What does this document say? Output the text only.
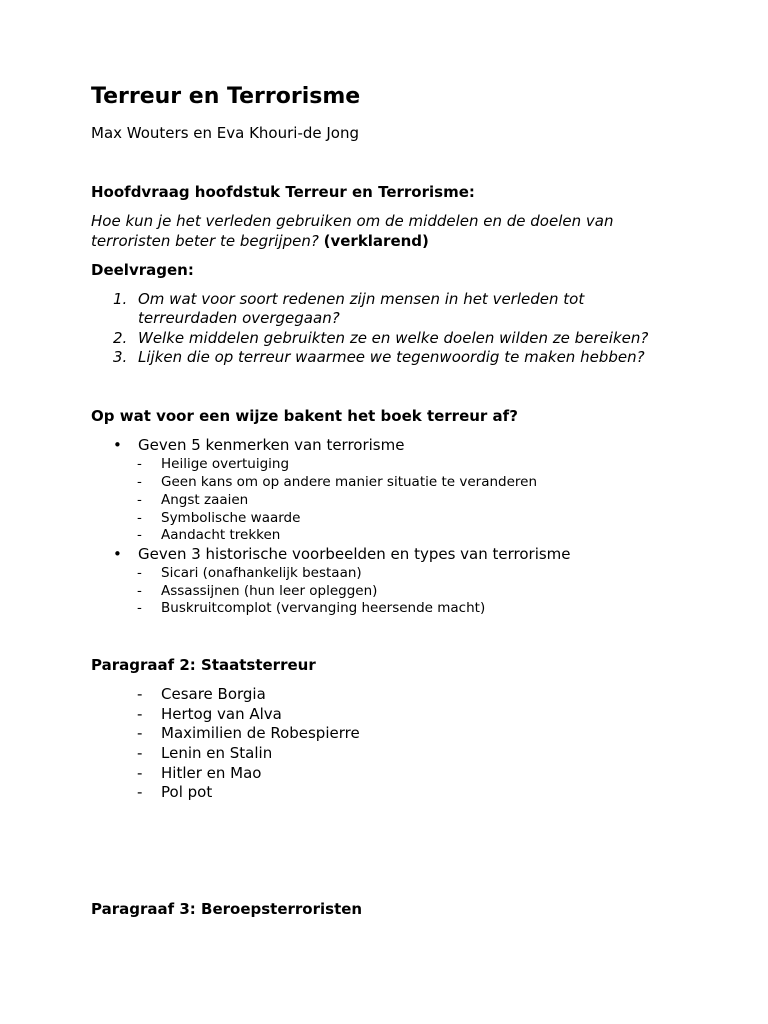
Terreur en Terrorisme
Max Wouters en Eva Khouri-de Jong
Hoofdvraag hoofdstuk Terreur en Terrorisme:
Hoe kun je het verleden gebruiken om de middelen en de doelen van
terroristen beter te begrijpen? (verklarend)
Deelvragen:
1. Om wat voor soort redenen zijn mensen in het verleden tot
terreurdaden overgegaan?
2. Welke middelen gebruikten ze en welke doelen wilden ze bereiken?
3. Lijken die op terreur waarmee we tegenwoordig te maken hebben?
Op wat voor een wijze bakent het boek terreur af?
• Geven 5 kenmerken van terrorisme
- Heilige overtuiging
- Geen kans om op andere manier situatie te veranderen
- Angst zaaien
- Symbolische waarde
- Aandacht trekken
• Geven 3 historische voorbeelden en types van terrorisme
- Sicari (onafhankelijk bestaan)
- Assassijnen (hun leer opleggen)
- Buskruitcomplot (vervanging heersende macht)
Paragraaf 2: Staatsterreur
- Cesare Borgia
- Hertog van Alva
- Maximilien de Robespierre
- Lenin en Stalin
- Hitler en Mao
- Pol pot
Paragraaf 3: Beroepsterroristen
